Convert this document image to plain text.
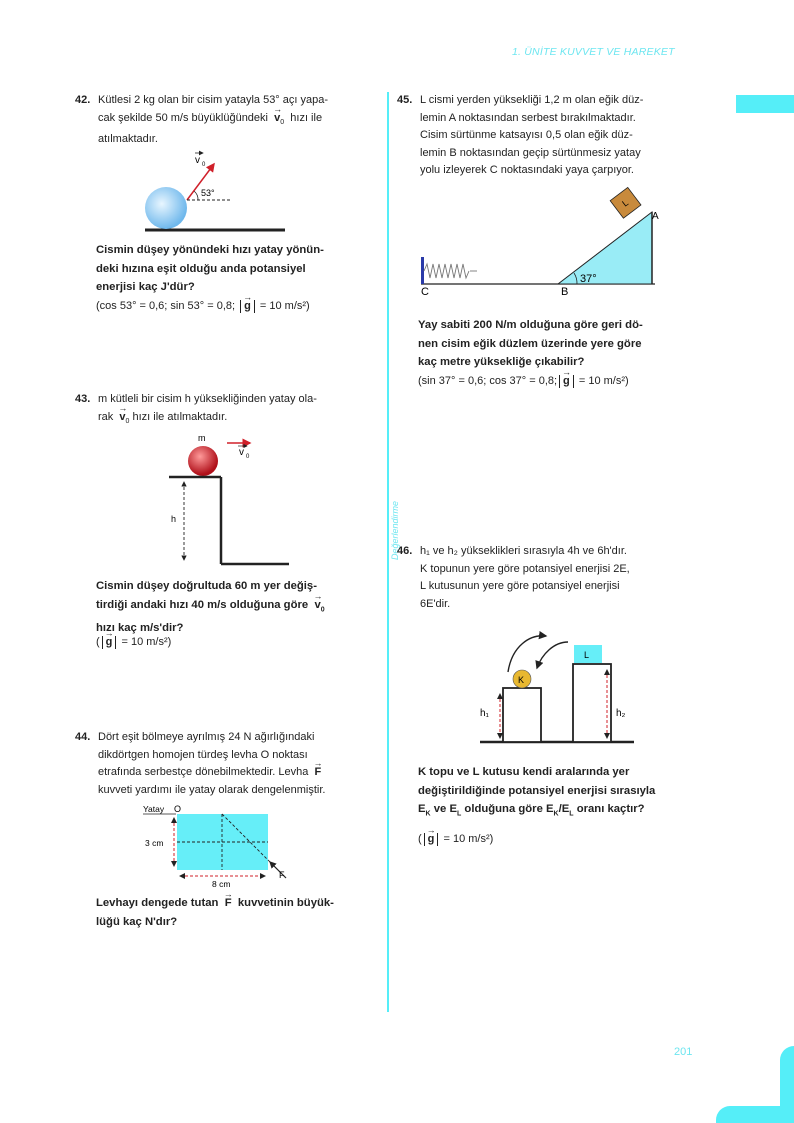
1. ÜNİTE KUVVET VE HAREKET
Değerlendirme
201
42. Kütlesi 2 kg olan bir cisim yatayla 53° açı yapa-
cak şekilde 50 m/s büyüklüğündeki → $v_0$ hızı ile
atılmaktadır.
53°
v 0
Cismin düşey yönündeki hızı yatay yönün-
deki hızına eşit olduğu anda potansiyel
enerjisi kaç J'dür?
(cos 53° = 0,6; sin 53° = 0,8; → g = 10 m/s²)
43. m kütleli bir cisim h yüksekliğinden yatay ola-
rak → $v_0$ hızı ile atılmaktadır.
m
v 0
h
Cismin düşey doğrultuda 60 m yer değiş-
tirdiği andaki hızı 40 m/s olduğuna göre → $v_0$
hızı kaç m/s'dir?
( → g = 10 m/s²)
44. Dört eşit bölmeye ayrılmış 24 N ağırlığındaki
dikdörtgen homojen türdeş levha O noktası
etrafında serbestçe dönebilmektedir. Levha → F
kuvveti yardımı ile yatay olarak dengelenmiştir.
Yatay O
F
3 cm
8 cm
Levhayı dengede tutan → F kuvvetinin büyük-
lüğü kaç N'dır?
45. L cismi yerden yüksekliği 1,2 m olan eğik düz-
lemin A noktasından serbest bırakılmaktadır.
Cisim sürtünme katsayısı 0,5 olan eğik düz-
lemin B noktasından geçip sürtünmesiz yatay
yolu izleyerek C noktasındaki yaya çarpıyor.
L
37°
A
B
C
Yay sabiti 200 N/m olduğuna göre geri dö-
nen cisim eğik düzlem üzerinde yere göre
kaç metre yüksekliğe çıkabilir?
(sin 37° = 0,6; cos 37° = 0,8; → g = 10 m/s²)
46. h₁ ve h₂ yükseklikleri sırasıyla 4h ve 6h'dır.
K topunun yere göre potansiyel enerjisi 2E,
L kutusunun yere göre potansiyel enerjisi
6E'dir.
K
L
h₁	h₂
K topu ve L kutusu kendi aralarında yer
değiştirildiğinde potansiyel enerjisi sırasıyla
$E_K$ ve $E_L$ olduğuna göre $E_K/E_L$ oranı kaçtır?
( → g = 10 m/s²)
